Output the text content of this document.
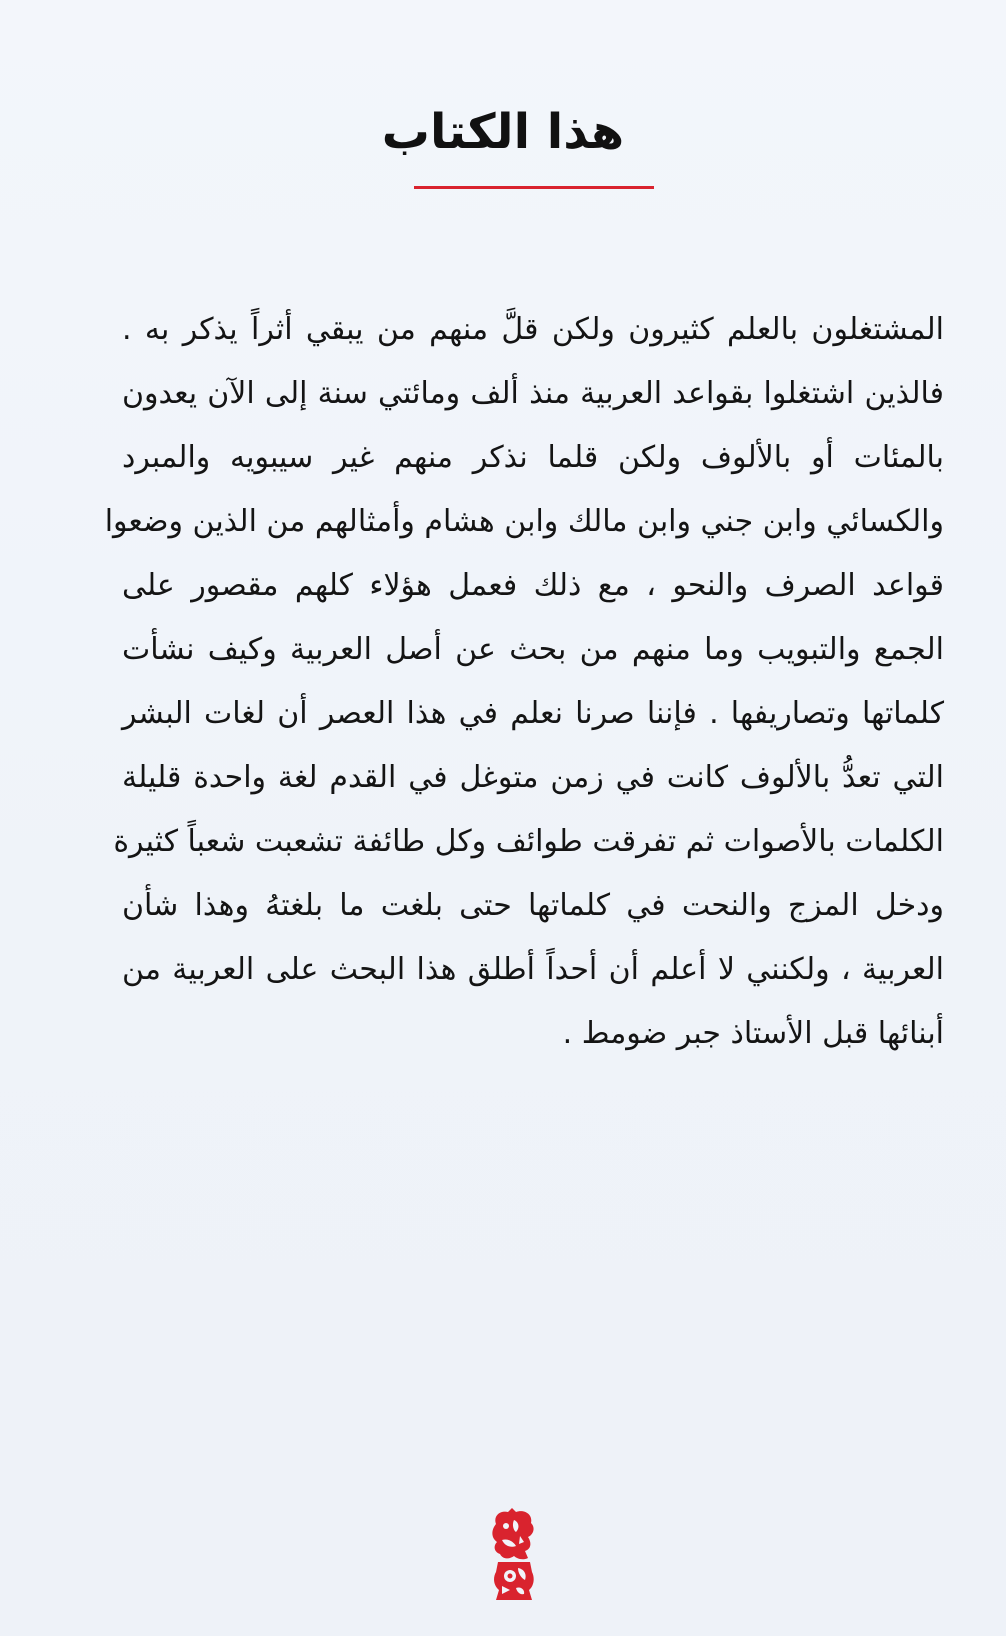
هذا الكتاب
المشتغلون بالعلم كثيرون ولكن قلَّ منهم من يبقي أثراً يذكر به .
فالذين اشتغلوا بقواعد العربية منذ ألف ومائتي سنة إلى الآن يعدون
بالمئات أو بالألوف ولكن قلما نذكر منهم غير سيبويه والمبرد
والكسائي وابن جني وابن مالك وابن هشام وأمثالهم من الذين وضعوا
قواعد الصرف والنحو ، مع ذلك فعمل هؤلاء كلهم مقصور على
الجمع والتبويب وما منهم من بحث عن أصل العربية وكيف نشأت
كلماتها وتصاريفها . فإننا صرنا نعلم في هذا العصر أن لغات البشر
التي تعدُّ بالألوف كانت في زمن متوغل في القدم لغة واحدة قليلة
الكلمات بالأصوات ثم تفرقت طوائف وكل طائفة تشعبت شعباً كثيرة
ودخل المزج والنحت في كلماتها حتى بلغت ما بلغتهُ وهذا شأن
العربية ، ولكنني لا أعلم أن أحداً أطلق هذا البحث على العربية من
أبنائها قبل الأستاذ جبر ضومط .
